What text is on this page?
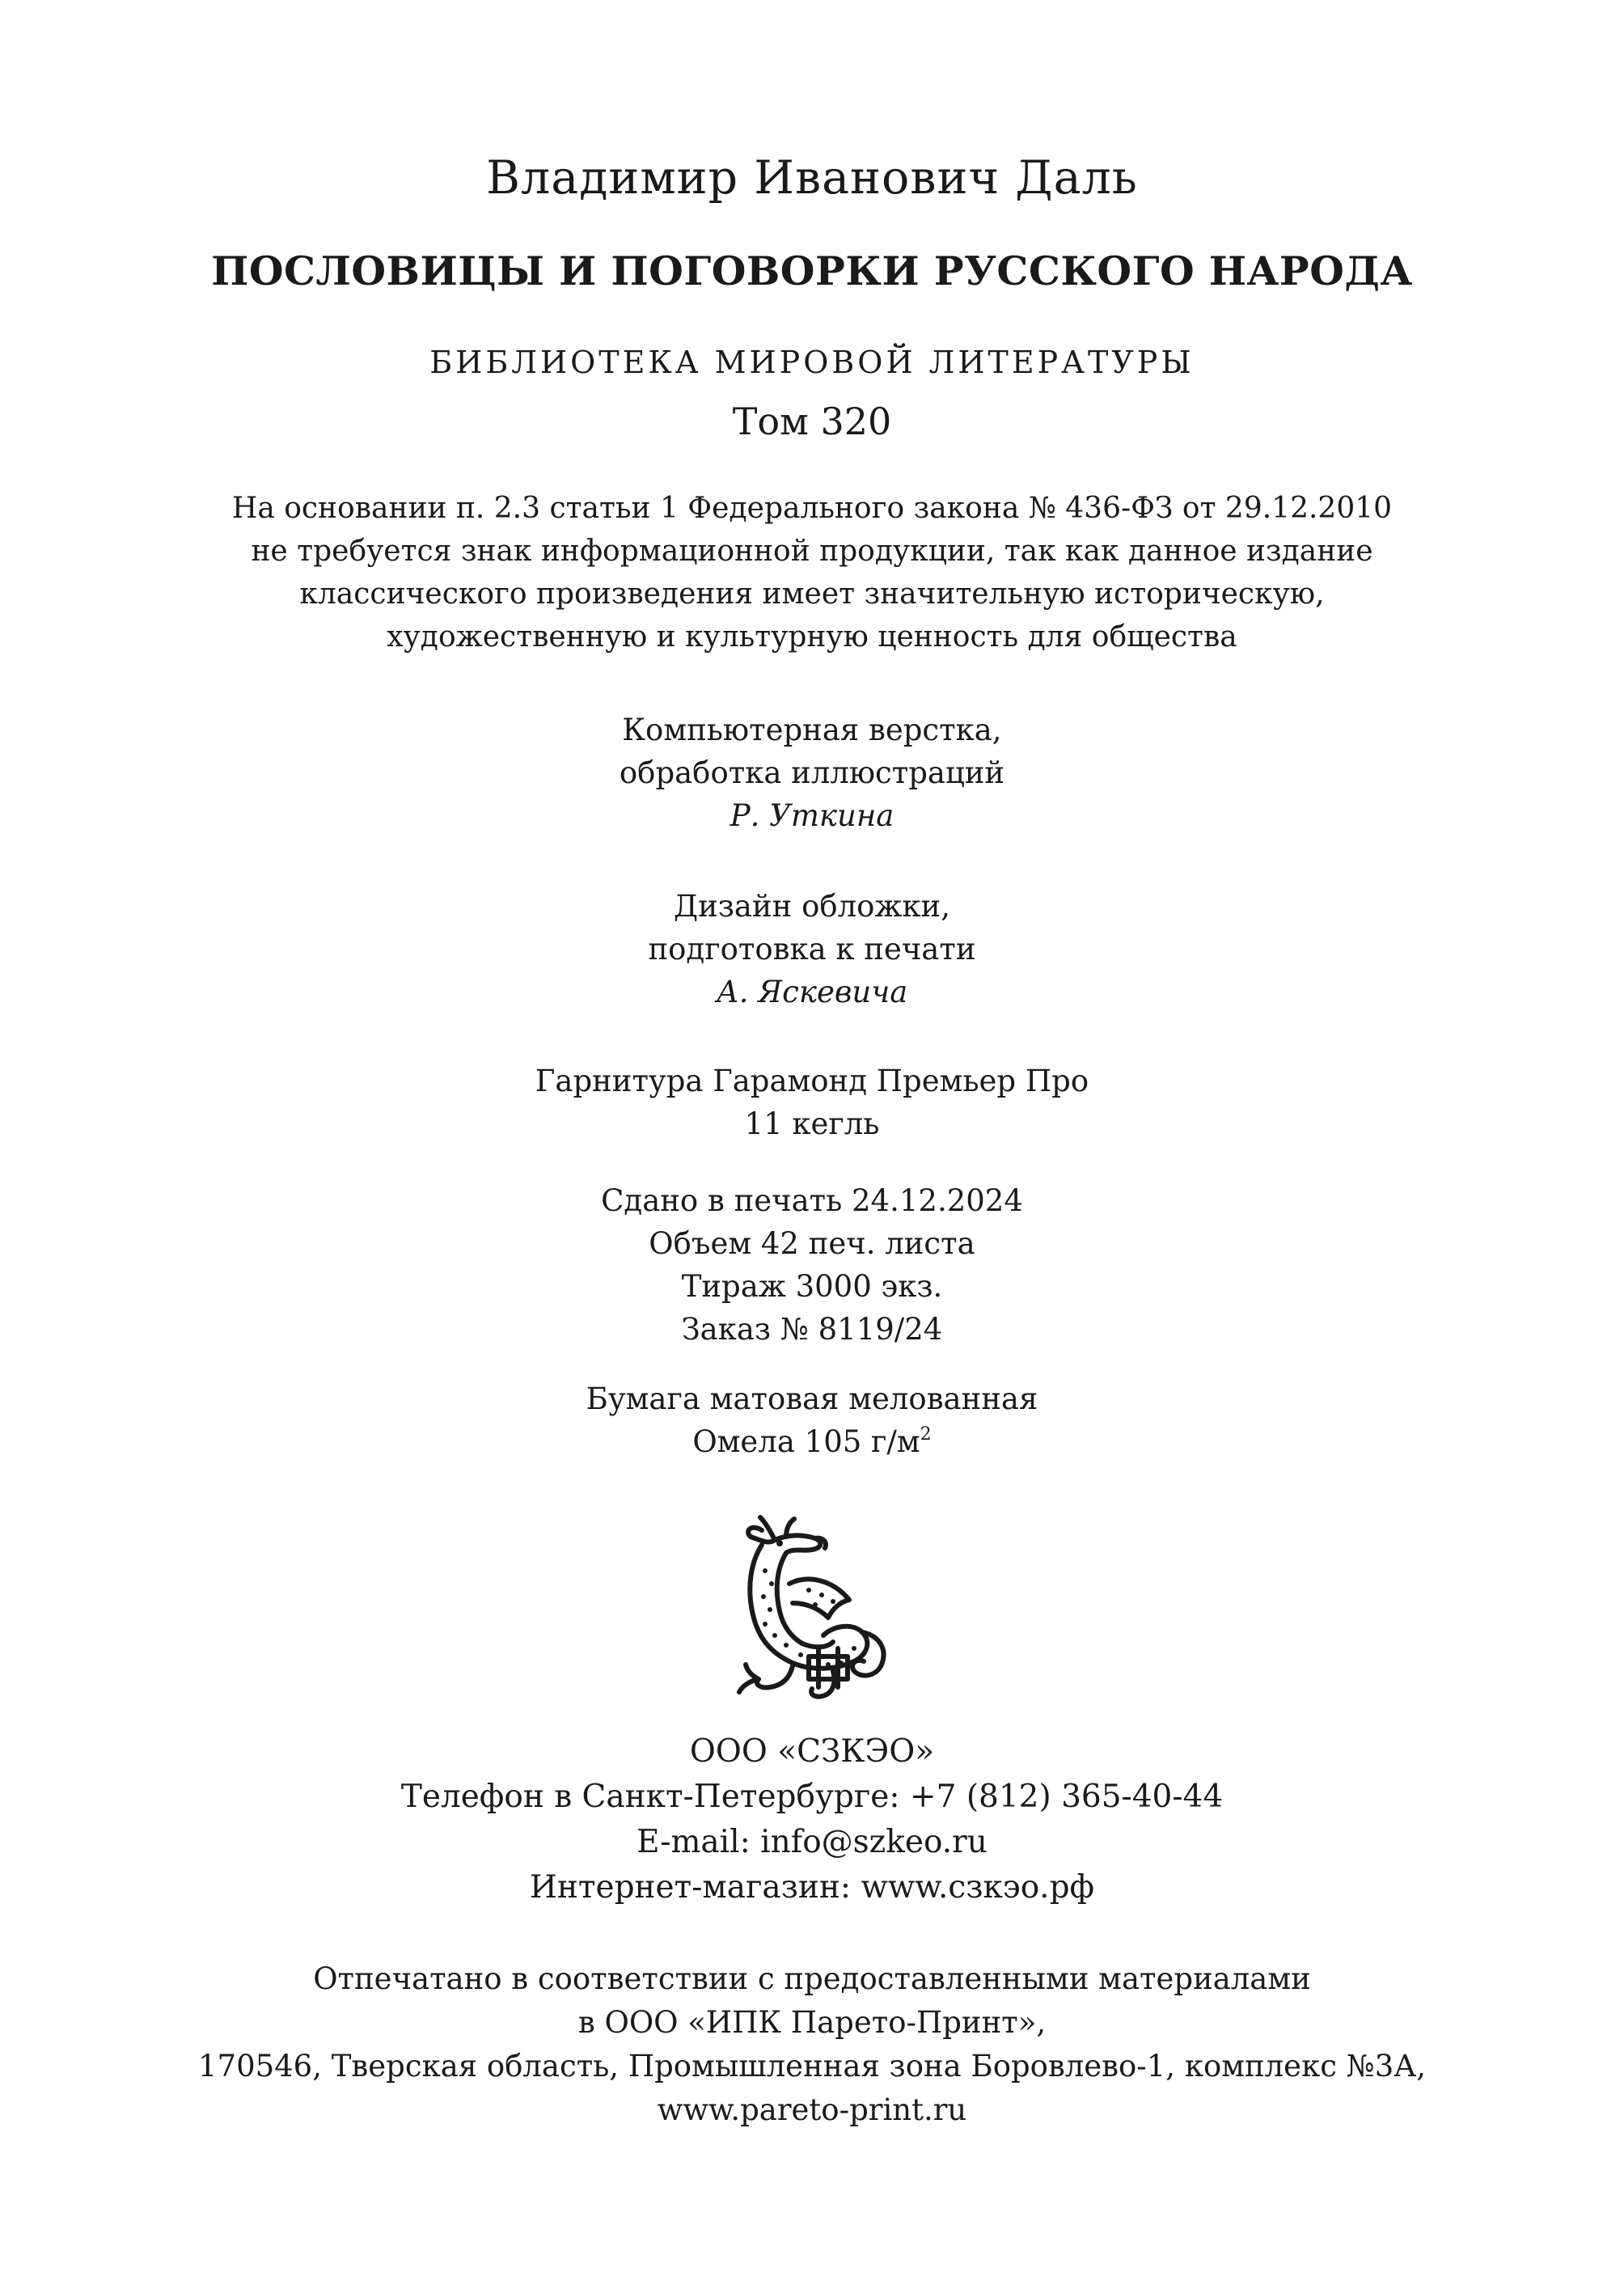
Владимир Иванович Даль
ПОСЛОВИЦЫ И ПОГОВОРКИ РУССКОГО НАРОДА
БИБЛИОТЕКА МИРОВОЙ ЛИТЕРАТУРЫ
Том 320
На основании п. 2.3 статьи 1 Федерального закона № 436-ФЗ от 29.12.2010
не требуется знак информационной продукции, так как данное издание
классического произведения имеет значительную историческую,
художественную и культурную ценность для общества
Компьютерная верстка,
обработка иллюстраций
Р. Уткина
Дизайн обложки,
подготовка к печати
А. Яскевича
Гарнитура Гарамонд Премьер Про
11 кегль
Сдано в печать 24.12.2024
Объем 42 печ. листа
Тираж 3000 экз.
Заказ № 8119/24
Бумага матовая мелованная
Омела 105 $г/м^2$
ООО «СЗКЭО»
Телефон в Санкт-Петербурге: +7 (812) 365-40-44
E-mail: info@szkeo.ru
Интернет-магазин: www.сзкэо.рф
Отпечатано в соответствии с предоставленными материалами
в ООО «ИПК Парето-Принт»,
170546, Тверская область, Промышленная зона Боровлево-1, комплекс №3А,
www.pareto-print.ru
